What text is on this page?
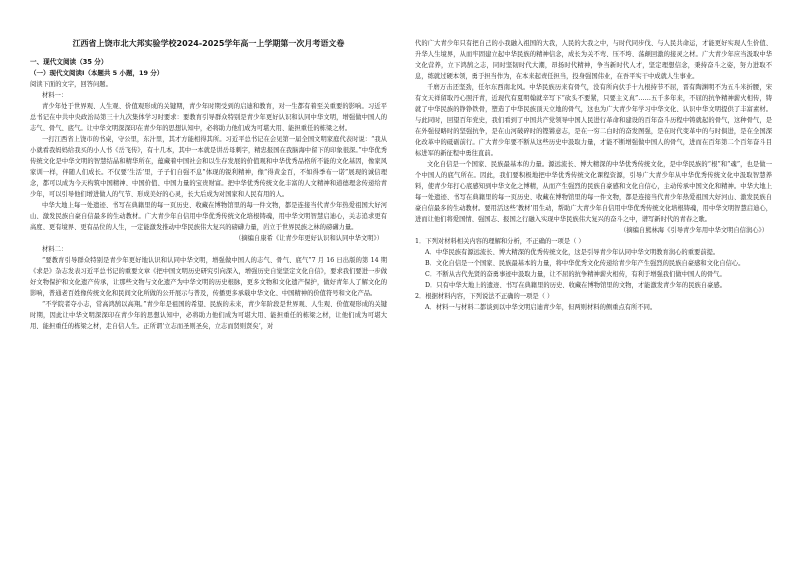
江西省上饶市北大邦实验学校2024-2025学年高一上学期第一次月考语文卷

一、现代文阅读（35 分）

（一）现代文阅读Ⅰ（本题共 5 小题，19 分）

阅读下面的文字，回答问题。

材料一：

青少年处于世界观、人生观、价值观形成的关键期，青少年时期受到的启迪和教育，对一生都有着至关重要的影响。习近平总书记在中共中央政治局第三十九次集体学习时要求：要教育引导群众特别是青少年更好认识和认同中华文明，增强做中国人的志气、骨气、底气。让中华文明深深印在青少年的思想认知中，必将助力他们成为可堪大用、能担重任的栋梁之材。

一打江西省上饶市的书桌，守公里，东汁里，其才方能相得其所。习近平总书记在会见第一届全国文明家庭代表时说：“我从小就看我妈妈给我买的小人书《岳飞传》，有十几本，其中一本就是讲岳母刺字，精忠报国在我脑海中留下的印象很深。”中华优秀传统文化是中华文明的智慧结晶和精华所在，蕴藏着中国社会和以生存发展的价值观和中华优秀品格所不能的文化基因，像家风家训一样，伴随人们成长。不仅要‘生活’里，子子们自强不息”体现的锐利精神，像“得黄金百，不如得季布一诺”展现的诚信理念，都可以成为今天构筑中国精神、中国价值、中国力量的宝贵财富。把中华优秀传统文化丰富的人文精神和道德理念传递给青少年，可以引导他们增进做人的气节、形成美好的心灵，长大后成为对国家和人民有用的人。

中华大地上每一处遗迹、书写在典籍里的每一页历史、收藏在博物馆里的每一件文物，都是连接当代青少年热爱祖国大好河山、激发民族自豪自信最多的生动教材。广大青少年自信用中华优秀传统文化培根铸魂，用中华文明智慧启迪心，关志追求更有高度、更有境界、更有品位的人生，一定能激发推动中华民族伟大复兴的磅礴力量，岿立于世界民族之林的磅礴力量。

（摘编自康希《让青少年更好认识和认同中华文明》）

材料二：

“要教育引导群众特别是青少年更好地认识和认同中华文明，增强做中国人的志气、骨气、底气”7 月 16 日出版的第 14 期《求是》杂志发表习近平总书记的重要文章《把中国文明历史研究引向深入，增强历史自觉坚定文化自信》，要求我们要进一步做好文物保护和文化遗产传承，让那些文物与文化遗产为中华文明的历史根脉，更多文物和文化遗产保护，做好青年人了解文化的影响，普通老百姓像传统文化和民间文化所做的公开展示与普及，传播更多承载中华文化、中国精神的价值符号和文化产品。

“不学院者夺小志，常高鸿鹄以高翔。”青少年是祖国的希望、民族的未来，青少年阶段是世界观、人生观、价值观形成的关键时期，因此让中华文明深深印在青少年的思想认知中，必将助力他们成为可堪大用、能担重任的栋梁之材，让他们成为可堪大用、能担重任的栋梁之材，走自信人生。正所谓‘立志而圣则圣矣，立志而贤则贤矣’，对

代的广大青少年只有把自己的小我融入祖国的大我，人民的大我之中，与时代同步伐、与人民共命运，才能更好实现人生价值、升华人生境界，从而牢固建立起中华民族的精神信念，成长为关不弯、压不垮、荡颠回激的接灵之材。广大青少年应当汲取中华文化营养，立下鸿鹄之志，同时坚韧时代大潮，昂扬时代精神，争当新时代人才，坚定理想信念，秉持奋斗之姿，努力进取不息，练就过硬本领，勇于担当作为，在本来起责任担当，投身强国伟业，在吾平实干中成就人生事业。

千磨万击还坚劲，任尔东西南北风。中华民族历来有骨气，没有所向伏手十九根持节不屈，晋有陶渊明不为五斗米折腰，宋有文天祥留取丹心照汗青，近现代有夏明翰就辛写下“砍头不要紧，只要主义真”……五千多年来，不屈的抗争精神薪火相传，铸就了中华民族的铮铮铁骨，塑造了中华民族顶天立地的骨气，这也为广大青少年学习中华文化、认识中华文明提供了丰富素材。与此同时，回望百年党史，我们看到了中国共产党领导中国人民进行革命和建设的百年奋斗历程中铸就起的骨气，这种骨气，是在外强侵略时的坚强抗争，是在山河破碎时的铿锵意志，是在一穷二白时的奋发图强，是在时代变革中的与时俱进，是在全国深化改革中的砥砺前行。广大青少年要不断从这些历史中汲取力量，才能不断增强做中国人的骨气，进而在百年第二个百年奋斗目标进军的新征程中勇往直前。

文化自信是一个国家、民族最基本的力量。源远流长、博大精深的中华优秀传统文化，是中华民族的“根”和“魂”，也是做一个中国人的底气所在。因此，我们要积极地把中华优秀传统文化课程资源，引导广大青少年从中华优秀传统文化中汲取智慧养料，使青少年打心底感知到中华文化之博精，从而产生强烈的民族自豪感和文化自信心，主动传承中国文化和精神。中华大地上每一处遗迹、书写在典籍里的每一页历史、收藏在博物馆里的每一件文物，都是连接当代青少年热爱祖国大好河山、激发民族自豪自信最多的生动教材。要用活这些‘教材’用生动，帮助广大青少年自信用中华优秀传统文化培根铸魂，用中华文明智慧启迪心，进而让他们将爱国情、强国志、报国之行融入实现中华民族伟大复兴的奋斗之中，谱写新时代的青春之歌。

（摘编自熊林海《引导青少年用中华文明自信润心》）

1．下列对材料相关内容的理解和分析，不正确的一项是（ ）

A．中华民族有源远流长、博大精深的优秀传统文化，这是引导青少年认同中华文明教育润心的重要前提。

B．文化自信是一个国家、民族最基本的力量，将中华优秀文化传递给青少年产生强烈的民族自豪感和文化自信心。

C．不断从古代先贤的奋勇事迹中汲取力量，让不屈的抗争精神薪火相传，有利于增强我们做中国人的骨气。

D．只有中华大地上的遗迹、书写在典籍里的历史、收藏在博物馆里的文物，才能激发青少年的民族自豪感。

2．根据材料内容，下列说法不正确的一项是（ ）

A．材料一与材料二都谈到以中华文明启迪青少年，但两则材料的侧重点有所不同。
